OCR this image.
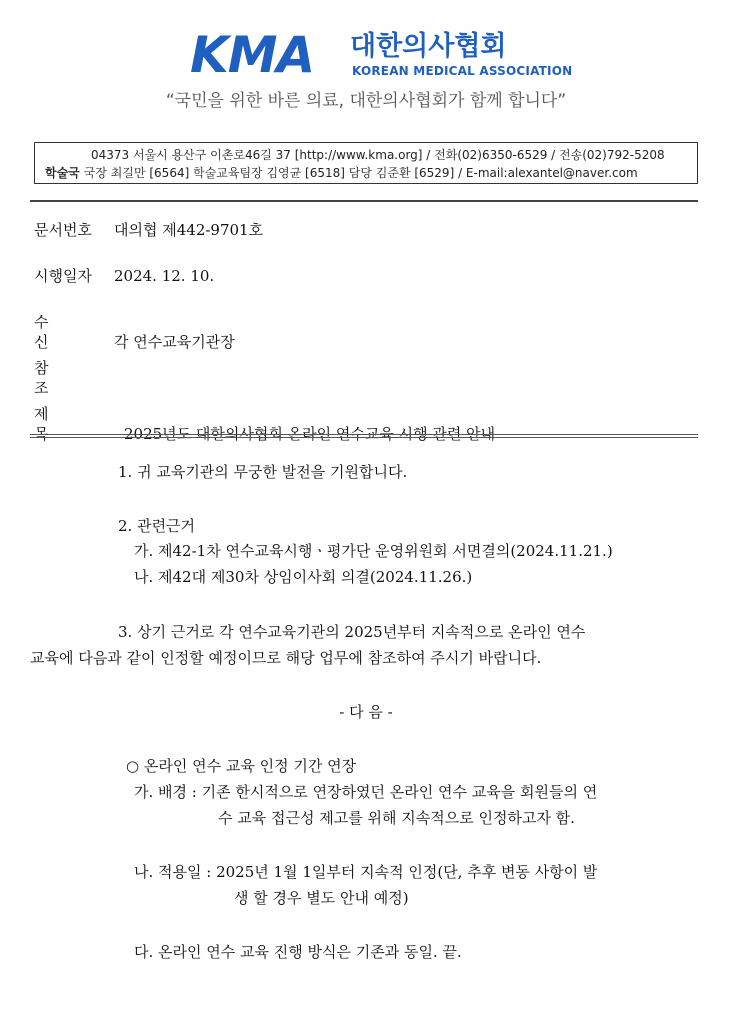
KMA 대한의사협회
KOREAN MEDICAL ASSOCIATION
“국민을 위한 바른 의료, 대한의사협회가 함께 합니다”
04373 서울시 용산구 이촌로46길 37 [http://www.kma.org] / 전화(02)6350-6529 / 전송(02)792-5208
학술국 국장 최길만 [6564] 학술교육팀장 김영균 [6518] 담당 김준환 [6529] / E-mail:alexantel@naver.com
문서번호 대의협 제442-9701호
시행일자 2024. 12. 10.
수 신 각 연수교육기관장
참 조
제 목	2025년도 대한의사협회 온라인 연수교육 시행 관련 안내
1. 귀 교육기관의 무궁한 발전을 기원합니다.
2. 관련근거
가. 제42-1차 연수교육시행ㆍ평가단 운영위원회 서면결의(2024.11.21.)
나. 제42대 제30차 상임이사회 의결(2024.11.26.)
3. 상기 근거로 각 연수교육기관의 2025년부터 지속적으로 온라인 연수
교육에 다음과 같이 인정할 예정이므로 해당 업무에 참조하여 주시기 바랍니다.
- 다 음 -
○ 온라인 연수 교육 인정 기간 연장
가. 배경 : 기존 한시적으로 연장하였던 온라인 연수 교육을 회원들의 연
수 교육 접근성 제고를 위해 지속적으로 인정하고자 함.
나. 적용일 : 2025년 1월 1일부터 지속적 인정(단, 추후 변동 사항이 발
생 할 경우 별도 안내 예정)
다. 온라인 연수 교육 진행 방식은 기존과 동일. 끝.
